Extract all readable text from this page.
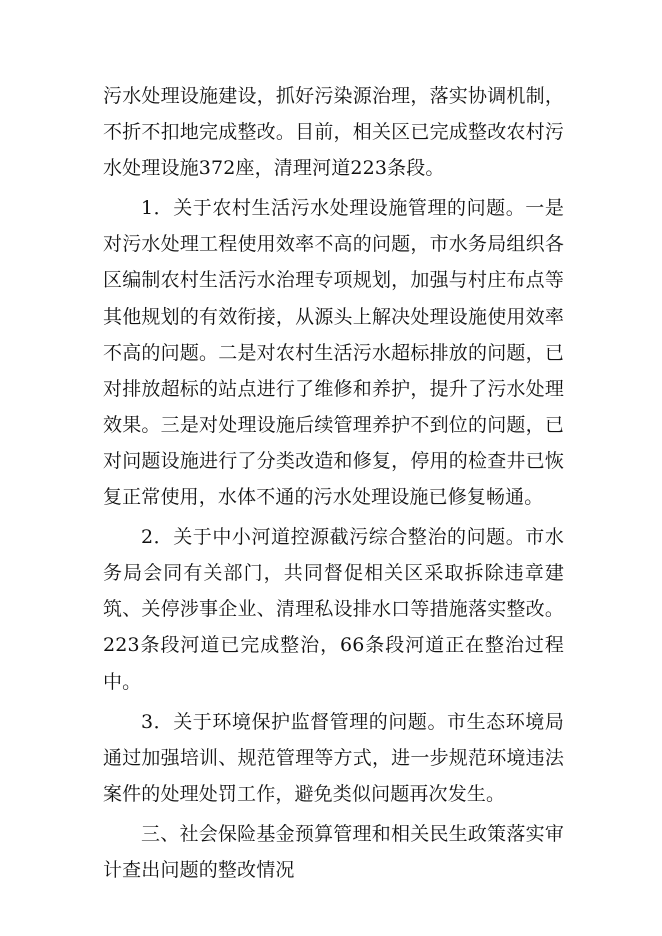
污水处理设施建设，抓好污染源治理，落实协调机制，不折不扣地完成整改。目前，相关区已完成整改农村污水处理设施372座，清理河道223条段。

1．关于农村生活污水处理设施管理的问题。一是对污水处理工程使用效率不高的问题，市水务局组织各区编制农村生活污水治理专项规划，加强与村庄布点等其他规划的有效衔接，从源头上解决处理设施使用效率不高的问题。二是对农村生活污水超标排放的问题，已对排放超标的站点进行了维修和养护，提升了污水处理效果。三是对处理设施后续管理养护不到位的问题，已对问题设施进行了分类改造和修复，停用的检查井已恢复正常使用，水体不通的污水处理设施已修复畅通。

2．关于中小河道控源截污综合整治的问题。市水务局会同有关部门，共同督促相关区采取拆除违章建筑、关停涉事企业、清理私设排水口等措施落实整改。223条段河道已完成整治，66条段河道正在整治过程中。

3．关于环境保护监督管理的问题。市生态环境局通过加强培训、规范管理等方式，进一步规范环境违法案件的处理处罚工作，避免类似问题再次发生。

三、社会保险基金预算管理和相关民生政策落实审计查出问题的整改情况
